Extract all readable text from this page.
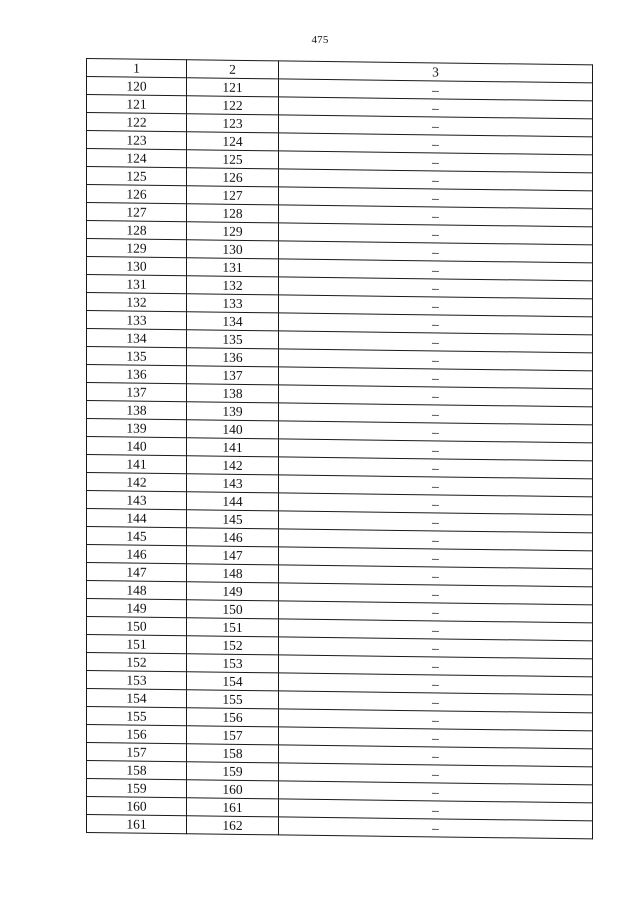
475
1	2	3
120	121	–
121	122	–
122	123	–
123	124	–
124	125	–
125	126	–
126	127	–
127	128	–
128	129	–
129	130	–
130	131	–
131	132	–
132	133	–
133	134	–
134	135	–
135	136	–
136	137	–
137	138	–
138	139	–
139	140	–
140	141	–
141	142	–
142	143	–
143	144	–
144	145	–
145	146	–
146	147	–
147	148	–
148	149	–
149	150	–
150	151	–
151	152	–
152	153	–
153	154	–
154	155	–
155	156	–
156	157	–
157	158	–
158	159	–
159	160	–
160	161	–
161	162	–
